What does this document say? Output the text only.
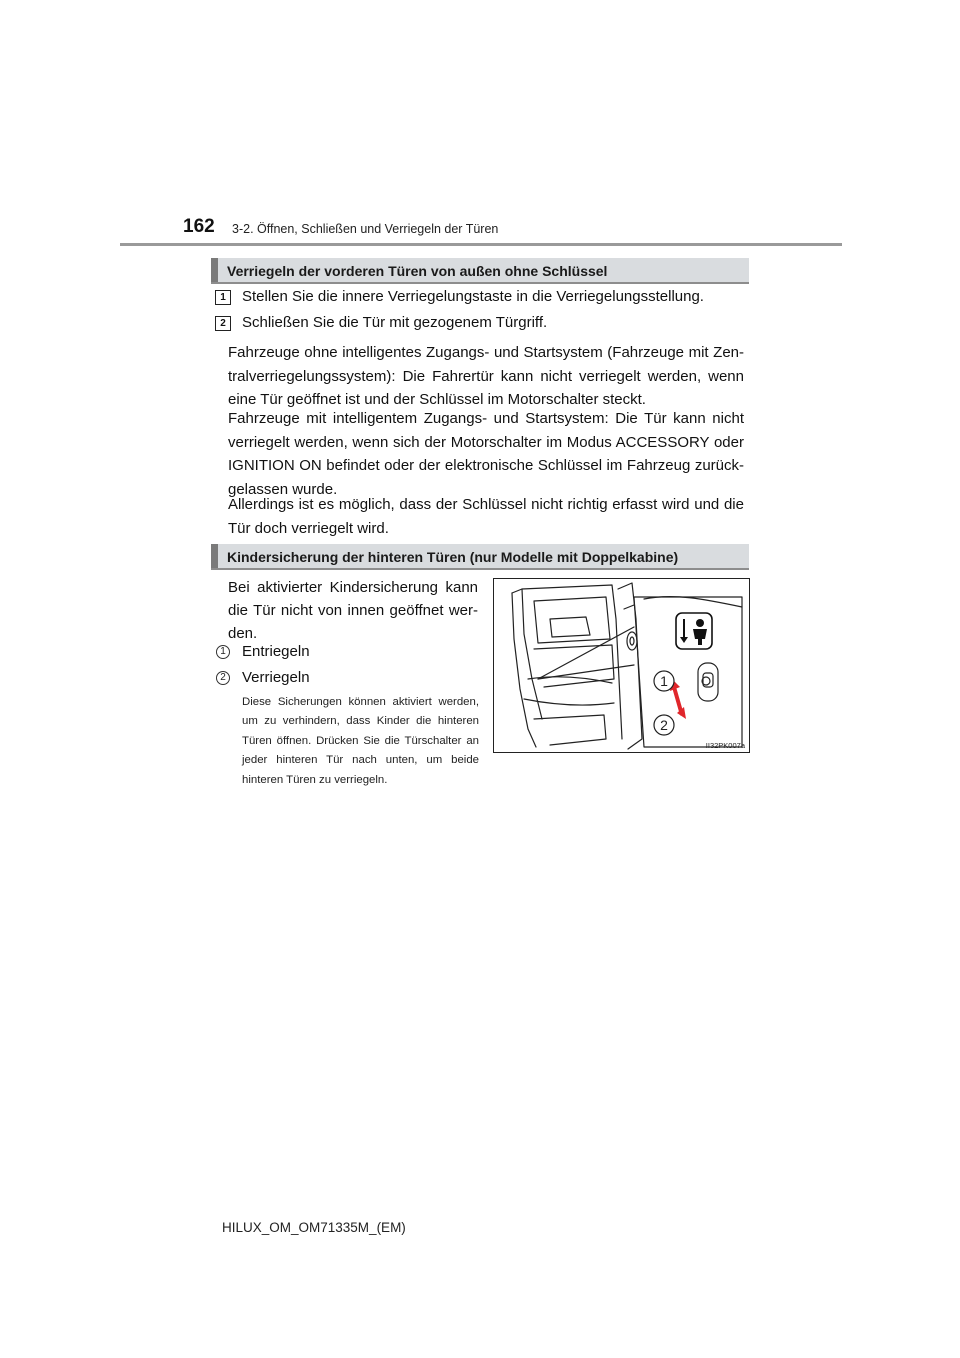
162 3-2. Öffnen, Schließen und Verriegeln der Türen
Verriegeln der vorderen Türen von außen ohne Schlüssel
1	Stellen Sie die innere Verriegelungstaste in die Verriegelungsstellung.
2	Schließen Sie die Tür mit gezogenem Türgriff.
Fahrzeuge ohne intelligentes Zugangs- und Startsystem (Fahrzeuge mit Zen-tralverriegelungssystem): Die Fahrertür kann nicht verriegelt werden, wenn eine Tür geöffnet ist und der Schlüssel im Motorschalter steckt.
Fahrzeuge mit intelligentem Zugangs- und Startsystem: Die Tür kann nicht verriegelt werden, wenn sich der Motorschalter im Modus ACCESSORY oder IGNITION ON befindet oder der elektronische Schlüssel im Fahrzeug zurück-gelassen wurde.
Allerdings ist es möglich, dass der Schlüssel nicht richtig erfasst wird und die Tür doch verriegelt wird.
Kindersicherung der hinteren Türen (nur Modelle mit Doppelkabine)
Bei aktivierter Kindersicherung kann die Tür nicht von innen geöffnet wer-den.
1 Entriegeln
2 Verriegeln
Diese Sicherungen können aktiviert werden, um zu verhindern, dass Kinder die hinteren Türen öffnen. Drücken Sie die Türschalter an jeder hinteren Tür nach unten, um beide hinteren Türen zu verriegeln.
1
2
II32PK007a
HILUX_OM_OM71335M_(EM)
